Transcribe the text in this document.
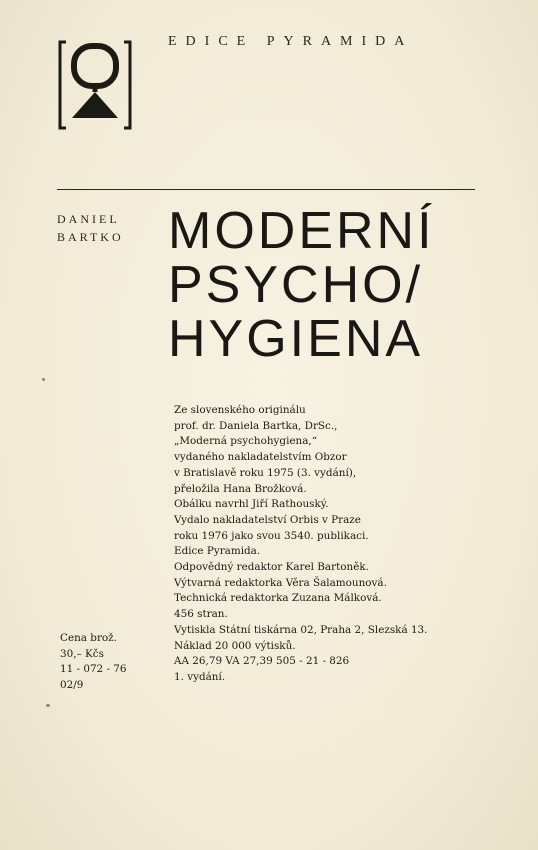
EDICE PYRAMIDA
DANIEL
BARTKO MODERNÍ
PSYCHO/
HYGIENA
Ze slovenského originálu
prof. dr. Daniela Bartka, DrSc.,
„Moderná psychohygiena,“
vydaného nakladatelstvím Obzor
v Bratislavě roku 1975 (3. vydání),
přeložila Hana Brožková.
Obálku navrhl Jiří Rathouský.
Vydalo nakladatelství Orbis v Praze
roku 1976 jako svou 3540. publikaci.
Edice Pyramida.
Odpovědný redaktor Karel Bartoněk.
Výtvarná redaktorka Věra Šalamounová.
Technická redaktorka Zuzana Málková.
456 stran.
Vytiskla Státní tiskárna 02, Praha 2, Slezská 13.
Náklad 20 000 výtisků.
AA 26,79 VA 27,39 505 - 21 - 826
1. vydání.
Cena brož.
30,– Kčs
11 - 072 - 76
02/9
